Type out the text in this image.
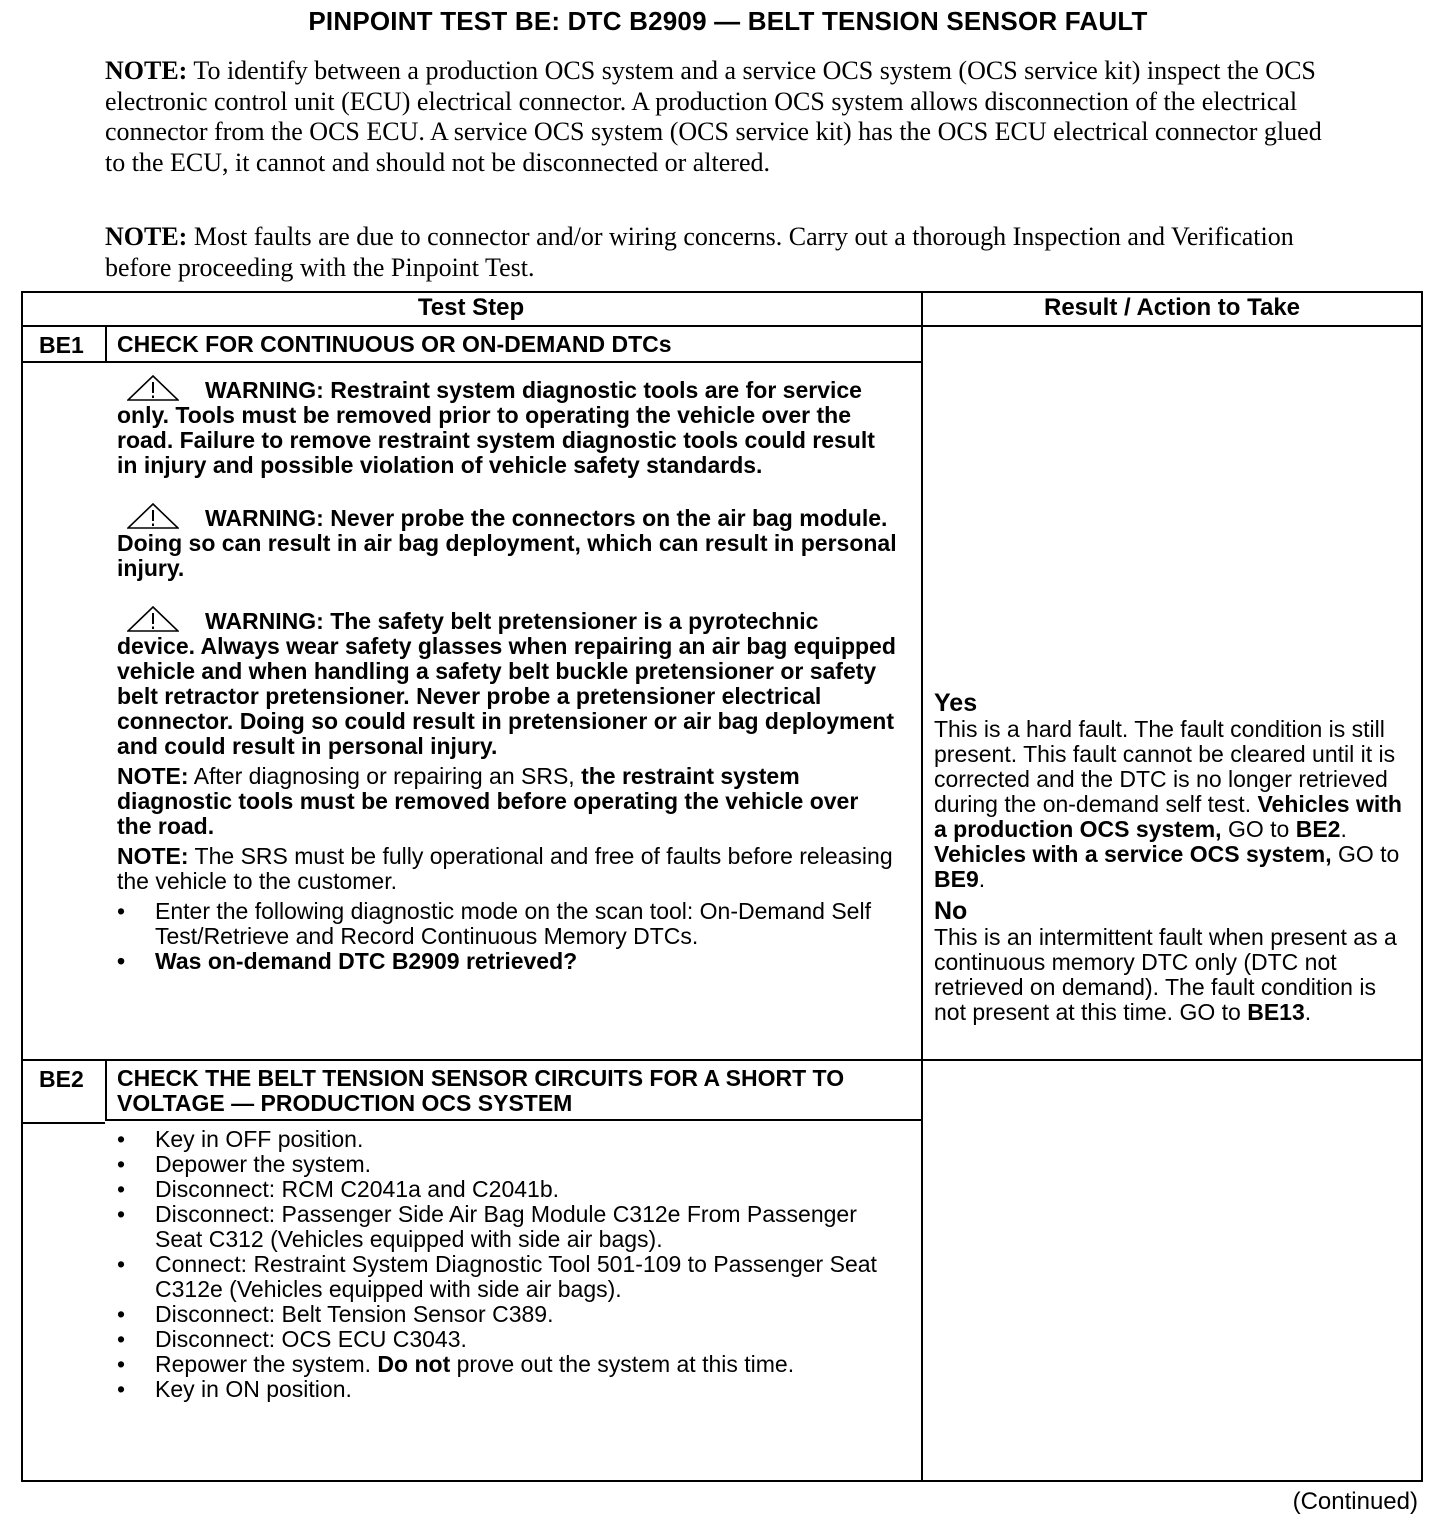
PINPOINT TEST BE: DTC B2909 — BELT TENSION SENSOR FAULT
NOTE: To identify between a production OCS system and a service OCS system (OCS service kit) inspect the OCS electronic control unit (ECU) electrical connector. A production OCS system allows disconnection of the electrical connector from the OCS ECU. A service OCS system (OCS service kit) has the OCS ECU electrical connector glued to the ECU, it cannot and should not be disconnected or altered.
NOTE: Most faults are due to connector and/or wiring concerns. Carry out a thorough Inspection and Verification before proceeding with the Pinpoint Test.
Test Step	Result / Action to Take
BE1 CHECK FOR CONTINUOUS OR ON-DEMAND DTCs
WARNING: Restraint system diagnostic tools are for service only. Tools must be removed prior to operating the vehicle over the road. Failure to remove restraint system diagnostic tools could result in injury and possible violation of vehicle safety standards.
WARNING: Never probe the connectors on the air bag module. Doing so can result in air bag deployment, which can result in personal injury.
WARNING: The safety belt pretensioner is a pyrotechnic device. Always wear safety glasses when repairing an air bag equipped vehicle and when handling a safety belt buckle pretensioner or safety belt retractor pretensioner. Never probe a pretensioner electrical connector. Doing so could result in pretensioner or air bag deployment and could result in personal injury.
NOTE: After diagnosing or repairing an SRS, the restraint system diagnostic tools must be removed before operating the vehicle over the road.
NOTE: The SRS must be fully operational and free of faults before releasing the vehicle to the customer.
• Enter the following diagnostic mode on the scan tool: On-Demand Self Test/Retrieve and Record Continuous Memory DTCs.
• Was on-demand DTC B2909 retrieved?
Yes
This is a hard fault. The fault condition is still present. This fault cannot be cleared until it is corrected and the DTC is no longer retrieved during the on-demand self test. Vehicles with a production OCS system, GO to BE2. Vehicles with a service OCS system, GO to BE9.
No
This is an intermittent fault when present as a continuous memory DTC only (DTC not retrieved on demand). The fault condition is not present at this time. GO to BE13.
BE2 CHECK THE BELT TENSION SENSOR CIRCUITS FOR A SHORT TO VOLTAGE — PRODUCTION OCS SYSTEM
• Key in OFF position.
• Depower the system.
• Disconnect: RCM C2041a and C2041b.
• Disconnect: Passenger Side Air Bag Module C312e From Passenger Seat C312 (Vehicles equipped with side air bags).
• Connect: Restraint System Diagnostic Tool 501-109 to Passenger Seat C312e (Vehicles equipped with side air bags).
• Disconnect: Belt Tension Sensor C389.
• Disconnect: OCS ECU C3043.
• Repower the system. Do not prove out the system at this time.
• Key in ON position.
(Continued)
